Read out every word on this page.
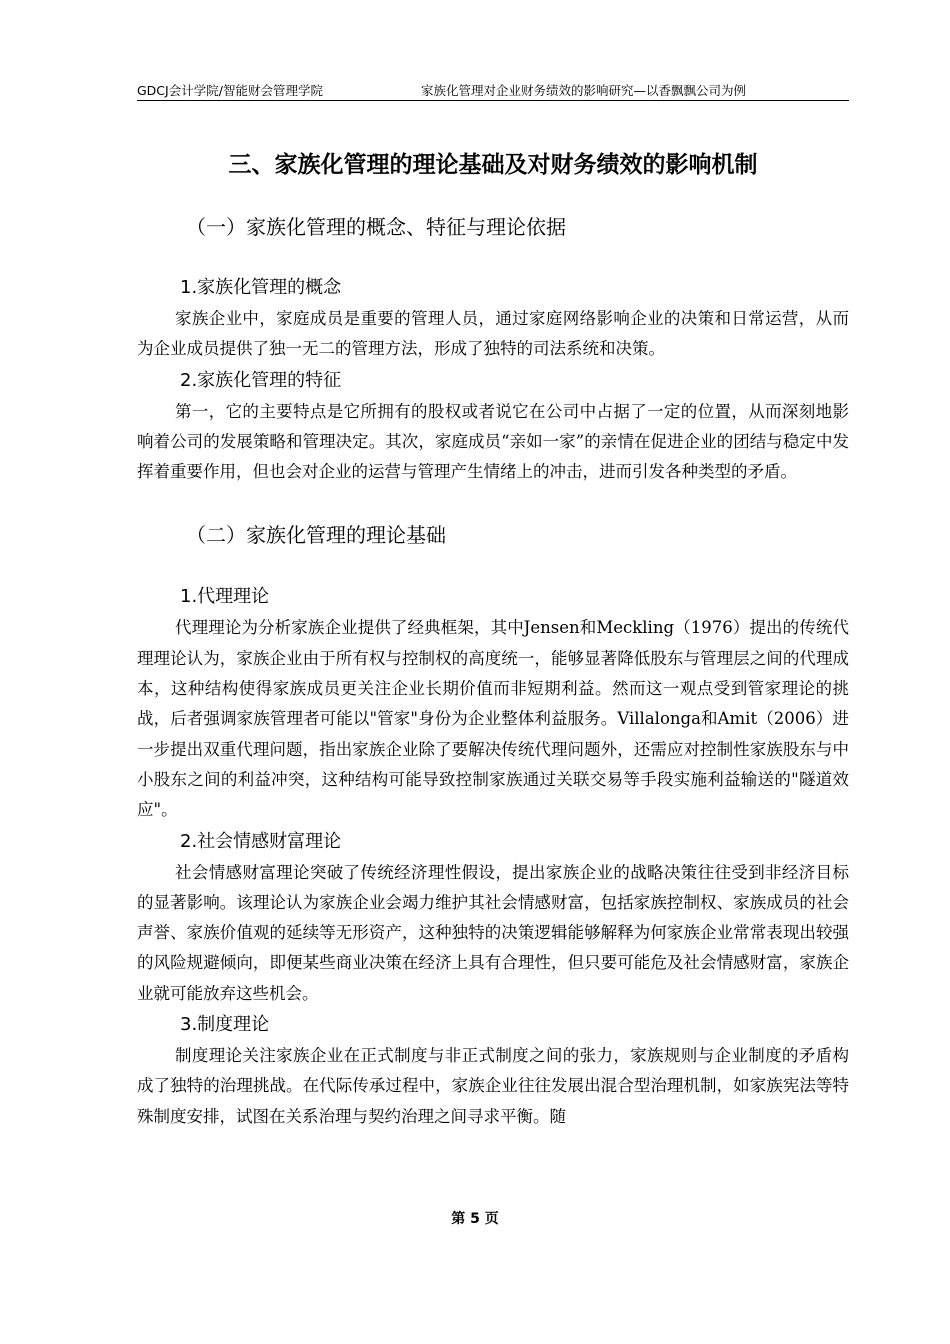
GDCJ会计学院/智能财会管理学院	家族化管理对企业财务绩效的影响研究—以香飘飘公司为例
三、家族化管理的理论基础及对财务绩效的影响机制
（一）家族化管理的概念、特征与理论依据
1.家族化管理的概念

家族企业中，家庭成员是重要的管理人员，通过家庭网络影响企业的决策和日常运营，从而为企业成员提供了独一无二的管理方法，形成了独特的司法系统和决策。

2.家族化管理的特征

第一，它的主要特点是它所拥有的股权或者说它在公司中占据了一定的位置，从而深刻地影响着公司的发展策略和管理决定。其次，家庭成员“亲如一家”的亲情在促进企业的团结与稳定中发挥着重要作用，但也会对企业的运营与管理产生情绪上的冲击，进而引发各种类型的矛盾。

（二）家族化管理的理论基础
1.代理理论

代理理论为分析家族企业提供了经典框架，其中Jensen和Meckling（1976）提出的传统代理理论认为，家族企业由于所有权与控制权的高度统一，能够显著降低股东与管理层之间的代理成本，这种结构使得家族成员更关注企业长期价值而非短期利益。然而这一观点受到管家理论的挑战，后者强调家族管理者可能以"管家"身份为企业整体利益服务。Villalonga和Amit（2006）进一步提出双重代理问题，指出家族企业除了要解决传统代理问题外，还需应对控制性家族股东与中小股东之间的利益冲突，这种结构可能导致控制家族通过关联交易等手段实施利益输送的"隧道效应"。

2.社会情感财富理论

社会情感财富理论突破了传统经济理性假设，提出家族企业的战略决策往往受到非经济目标的显著影响。该理论认为家族企业会竭力维护其社会情感财富，包括家族控制权、家族成员的社会声誉、家族价值观的延续等无形资产，这种独特的决策逻辑能够解释为何家族企业常常表现出较强的风险规避倾向，即便某些商业决策在经济上具有合理性，但只要可能危及社会情感财富，家族企业就可能放弃这些机会。

3.制度理论

制度理论关注家族企业在正式制度与非正式制度之间的张力，家族规则与企业制度的矛盾构成了独特的治理挑战。在代际传承过程中，家族企业往往发展出混合型治理机制，如家族宪法等特殊制度安排，试图在关系治理与契约治理之间寻求平衡。随

第 5 页
